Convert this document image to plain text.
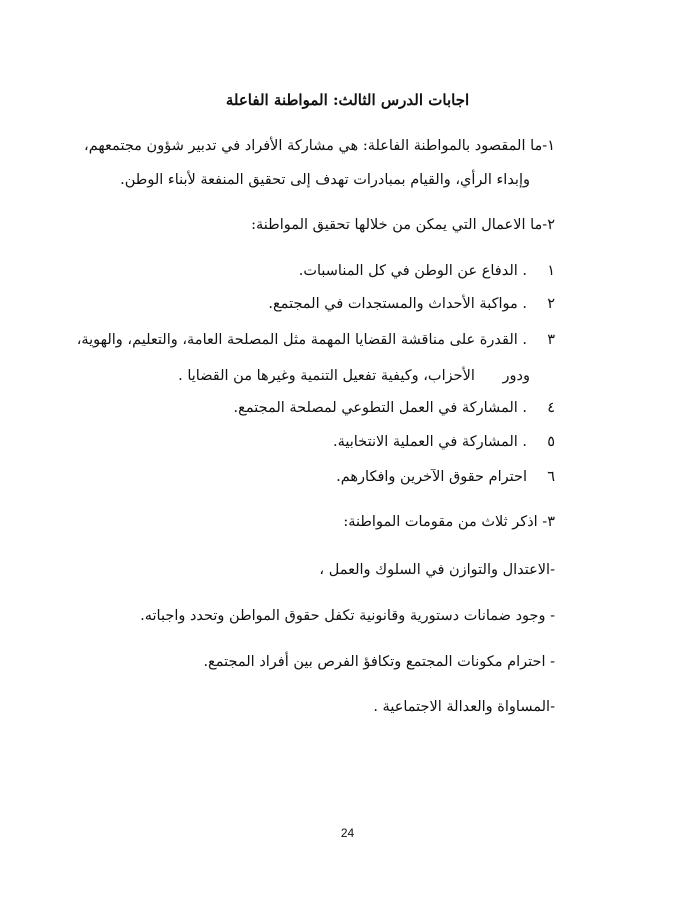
اجابات الدرس الثالث: المواطنة الفاعلة
١-ما المقصود بالمواطنة الفاعلة: هي مشاركة الأفراد في تدبير شؤون مجتمعهم،
وإبداء الرأي، والقيام بمبادرات تهدف إلى تحقيق المنفعة لأبناء الوطن.
٢-ما الاعمال التي يمكن من خلالها تحقيق المواطنة:
١. الدفاع عن الوطن في كل المناسبات.
٢. مواكبة الأحداث والمستجدات في المجتمع.
٣. القدرة على مناقشة القضايا المهمة مثل المصلحة العامة، والتعليم، والهوية،
ودور      الأحزاب، وكيفية تفعيل التنمية وغيرها من القضايا .
٤. المشاركة في العمل التطوعي لمصلحة المجتمع.
٥. المشاركة في العملية الانتخابية.
٦احترام حقوق الآخرين وافكارهم.
٣- اذكر ثلاث من مقومات المواطنة:
-الاعتدال والتوازن في السلوك والعمل ،
- وجود ضمانات دستورية وقانونية تكفل حقوق المواطن وتحدد واجباته.
- احترام مكونات المجتمع وتكافؤ الفرص بين أفراد المجتمع.
-المساواة والعدالة الاجتماعية .
24
